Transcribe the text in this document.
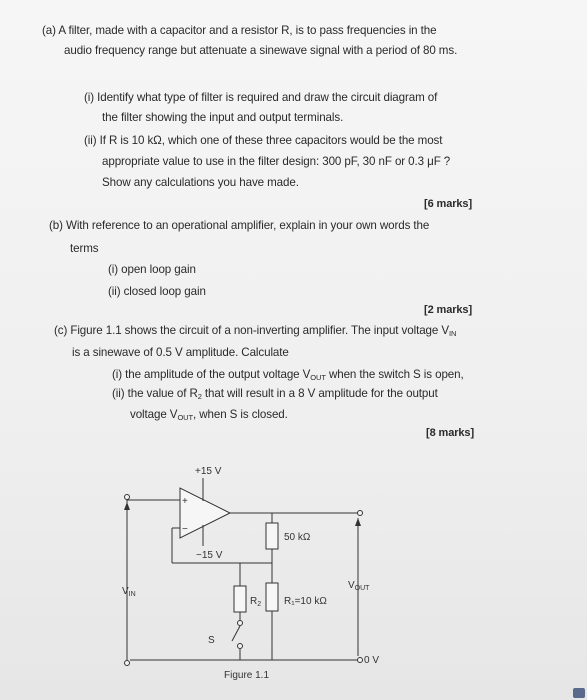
(a) A filter, made with a capacitor and a resistor R, is to pass frequencies in the
audio frequency range but attenuate a sinewave signal with a period of 80 ms.
(i) Identify what type of filter is required and draw the circuit diagram of
the filter showing the input and output terminals.
(ii) If R is 10 kΩ, which one of these three capacitors would be the most
appropriate value to use in the filter design: 300 pF, 30 nF or 0.3 μF ?
Show any calculations you have made.
[6 marks]
(b) With reference to an operational amplifier, explain in your own words the
terms
(i) open loop gain
(ii) closed loop gain
[2 marks]
(c) Figure 1.1 shows the circuit of a non-inverting amplifier. The input voltage $V_{IN}$
is a sinewave of 0.5 V amplitude. Calculate
(i) the amplitude of the output voltage $V_{OUT}$ when the switch S is open,
(ii) the value of $R_2$ that will result in a 8 V amplitude for the output
voltage $V_{OUT}$, when S is closed.
[8 marks]
+
−
+15 V
−15 V
$V_{IN}$
$V_{OUT}$
50 kΩ
$R_2$ R₁=10 kΩ
S
0 V
Figure 1.1
